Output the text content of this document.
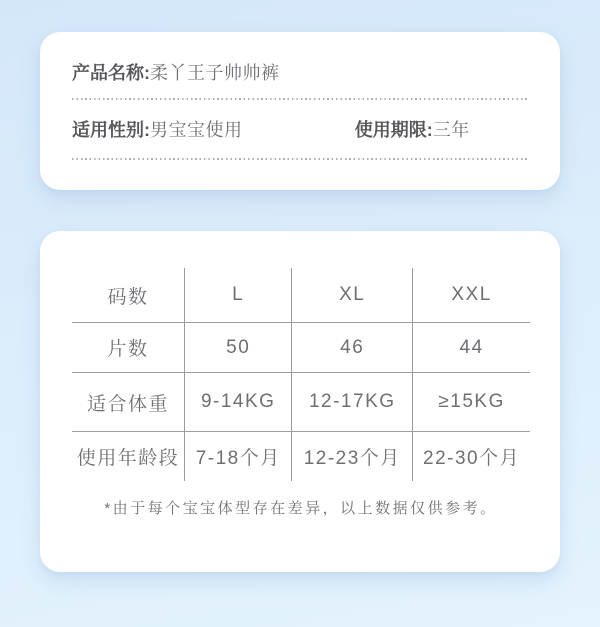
产品名称:柔丫王子帅帅裤
适用性别:男宝宝使用	使用期限:三年
码数	L	XL	XXL
片数	50	46	44
适合体重	9-14KG	12-17KG	≥15KG
使用年龄段 7-18个月	12-23个月	22-30个月

*由于每个宝宝体型存在差异，以上数据仅供参考。
